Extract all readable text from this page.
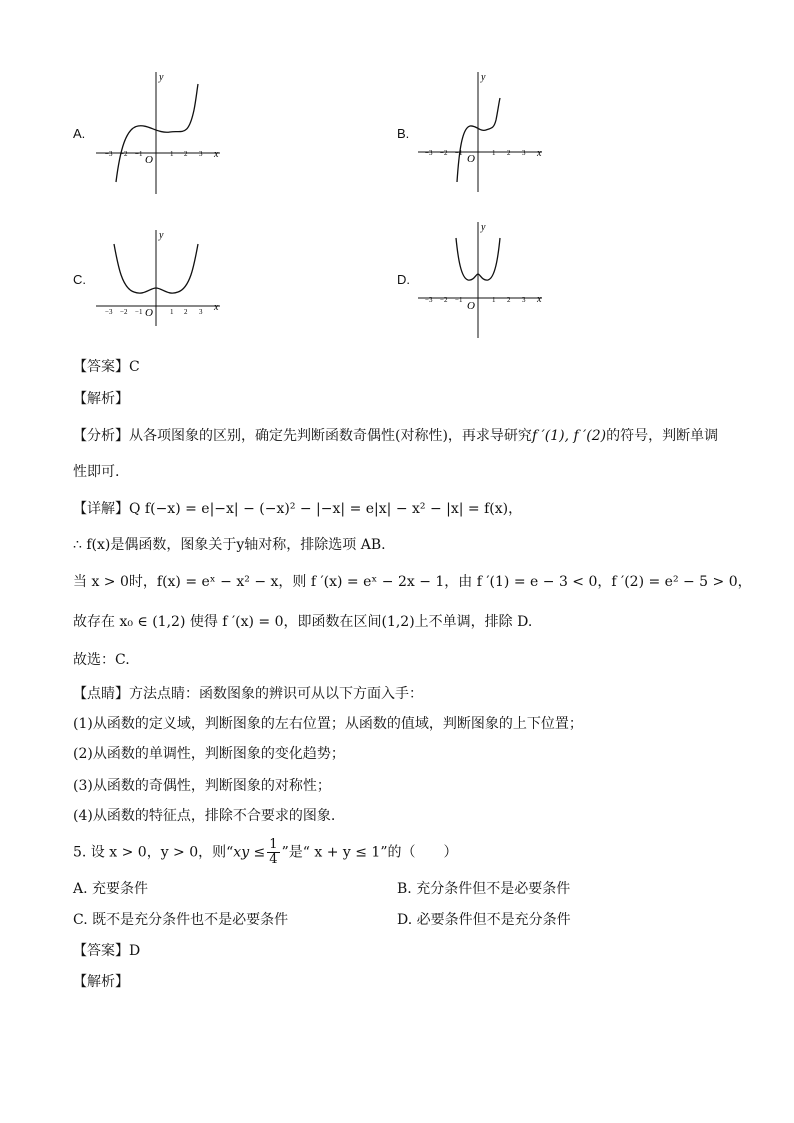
A.	B.
C.	D.
y
x
O
−3 −2 −1	1 2 3
y
x
O
−3 −2 −1	1 2 3
y
x
O
−3 −2 −1	1 2 3
y
x
O
−3 −2 −1	1 2 3
【答案】C
【解析】
【分析】从各项图象的区别，确定先判断函数奇偶性(对称性)，再求导研究f ′(1), f ′(2)的符号，判断单调
性即可.
【详解】Q f(−x) = e|−x| − (−x)² − |−x| = e|x| − x² − |x| = f(x)，
∴ f(x)是偶函数，图象关于y轴对称，排除选项 AB.
当 x > 0时，f(x) = eˣ − x² − x，则 f ′(x) = eˣ − 2x − 1，由 f ′(1) = e − 3 < 0，f ′(2) = e² − 5 > 0，
故存在 x₀ ∈ (1,2) 使得 f ′(x) = 0，即函数在区间(1,2)上不单调，排除 D.
故选：C.
【点睛】方法点睛：函数图象的辨识可从以下方面入手：
(1)从函数的定义域，判断图象的左右位置；从函数的值域，判断图象的上下位置；
(2)从函数的单调性，判断图象的变化趋势；
(3)从函数的奇偶性，判断图象的对称性；
(4)从函数的特征点，排除不合要求的图象.
5. 设 x > 0，y > 0，则“xy ≤ $\frac{1}{4}$ ”是“ x + y ≤ 1”的（　　）
A. 充要条件	B. 充分条件但不是必要条件
C. 既不是充分条件也不是必要条件	D. 必要条件但不是充分条件
【答案】D
【解析】
